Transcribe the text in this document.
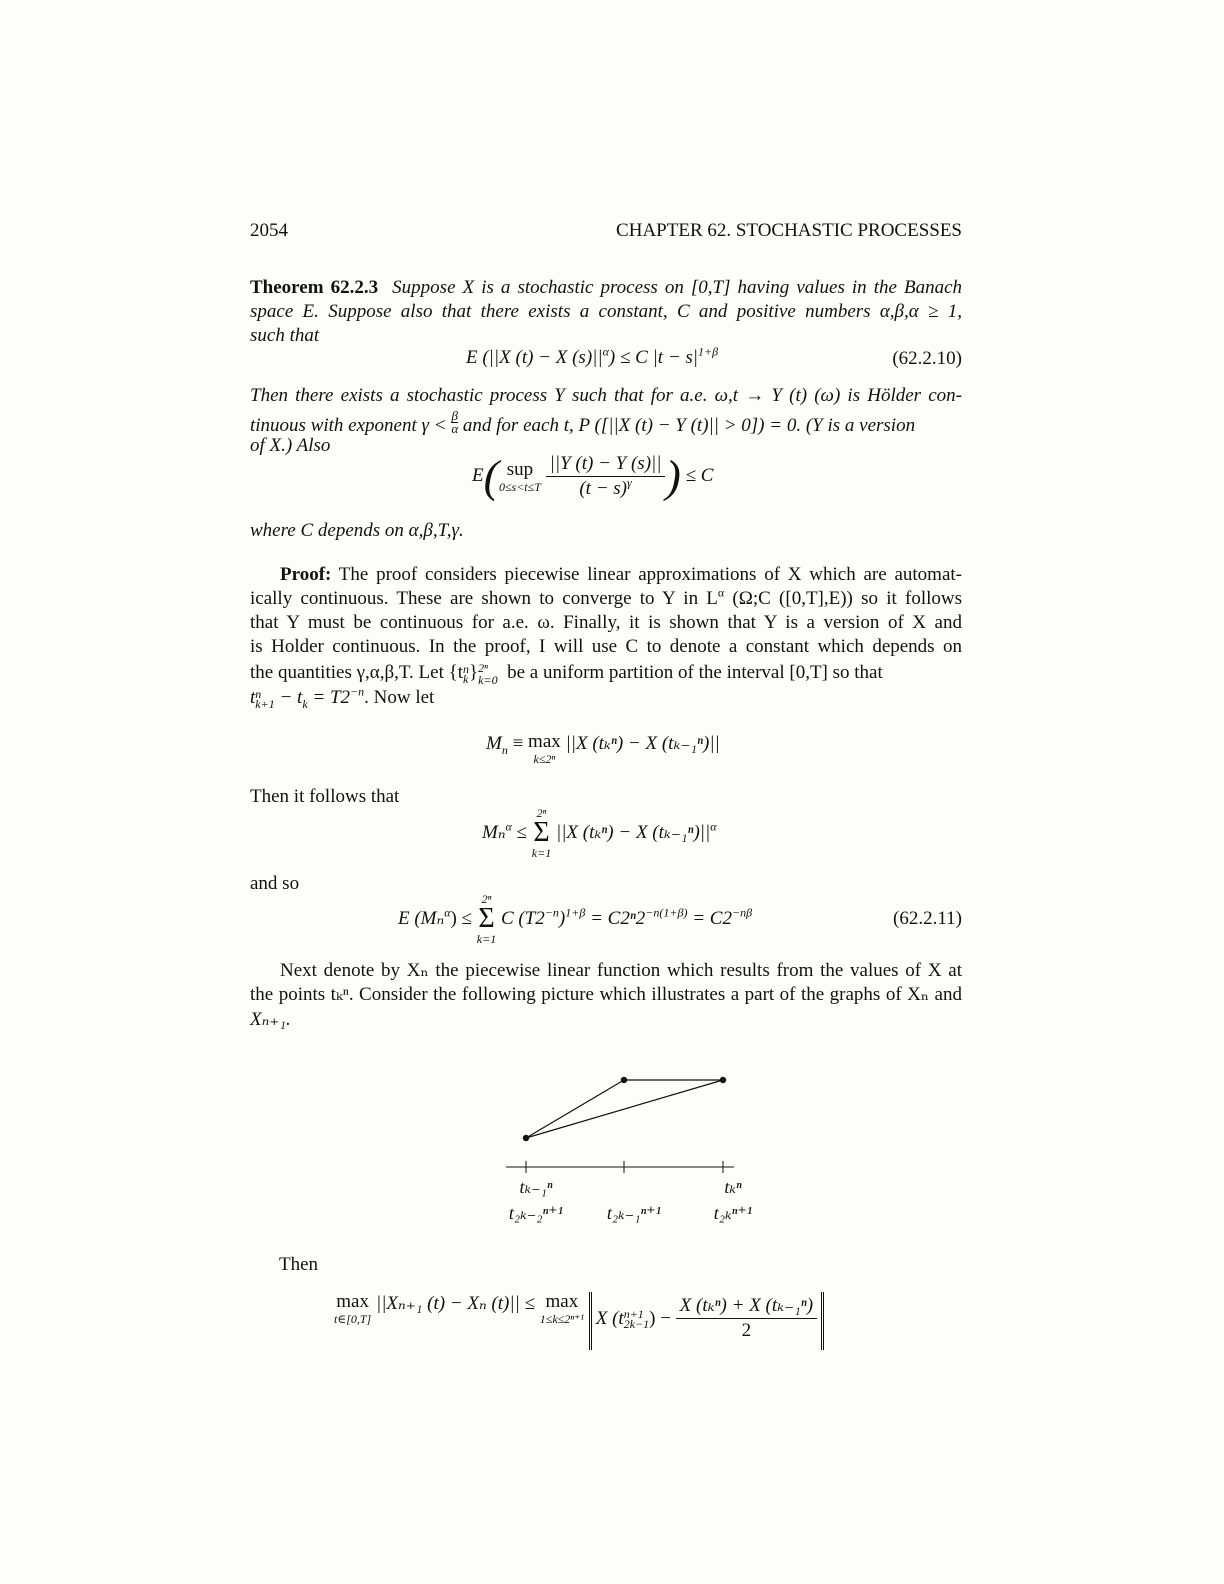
2054	CHAPTER 62. STOCHASTIC PROCESSES
Theorem 62.2.3 Suppose X is a stochastic process on [0,T] having values in the Banach
space E. Suppose also that there exists a constant, C and positive numbers α,β,α ≥ 1,
such that
E (||X (t) − X $(s)||^\alpha) \le C$ $|t - s|^{1+\beta}$	(62.2.10)
Then there exists a stochastic process Y such that for a.e. ω,t → Y (t) (ω) is Hölder con-
tinuous with exponent $\gamma < \frac{\beta}{\alpha}$ and for each t, P ([||X (t) − Y (t)|| > 0]) = 0. (Y is a version
of X.) Also
E( sup
0≤s<t≤T
$\frac{||Y (t) - Y (s)||}{(t - s)^\gamma}$ ) ≤ C
where C depends on α,β,T,γ.
Proof: The proof considers piecewise linear approximations of X which are automat-
ically continuous. These are shown to converge to Y in $L^\alpha$ (Ω;C ([0,T],E)) so it follows
that Y must be continuous for a.e. ω. Finally, it is shown that Y is a version of X and
is Holder continuous. In the proof, I will use C to denote a constant which depends on
the quantities γ,α,β,T. Let {t n
k } 2ⁿ
k=0 be a uniform partition of the interval [0,T] so that
t n
$k+1 - t_k = T2^{-n}$. Now let
$M_n \equiv \max$
k≤2ⁿ
||X (tₖⁿ) − X (tₖ₋₁ⁿ)||
Then it follows that
Mₙ$^\alpha$ ≤
2ⁿ
Σ
k=1
||X (tₖⁿ) − X $(t_{k-1}^n)||^\alpha$
and so
E (Mₙ$^\alpha$) ≤
2ⁿ
Σ
k=1
C $(T2^{-n})^{1+\beta} = C2^n2^{-n(1+\beta)} = C2^{-n\beta}$	(62.2.11)
Next denote by Xₙ the piecewise linear function which results from the values of X at
the points tₖⁿ. Consider the following picture which illustrates a part of the graphs of Xₙ and
Xₙ₊₁.
tₖ₋₁ⁿ	tₖⁿ
t₂ₖ₋₂ⁿ⁺¹ t₂ₖ₋₁ⁿ⁺¹	t₂ₖⁿ⁺¹
Then
max
t∈[0,T]
||Xₙ₊₁ (t) − Xₙ (t)|| ≤ max
1≤k≤2ⁿ⁺¹ X (t n+1
2k−1 ) − $\frac{\text{X (tₖⁿ) + X (tₖ₋₁ⁿ)}}{2}$
